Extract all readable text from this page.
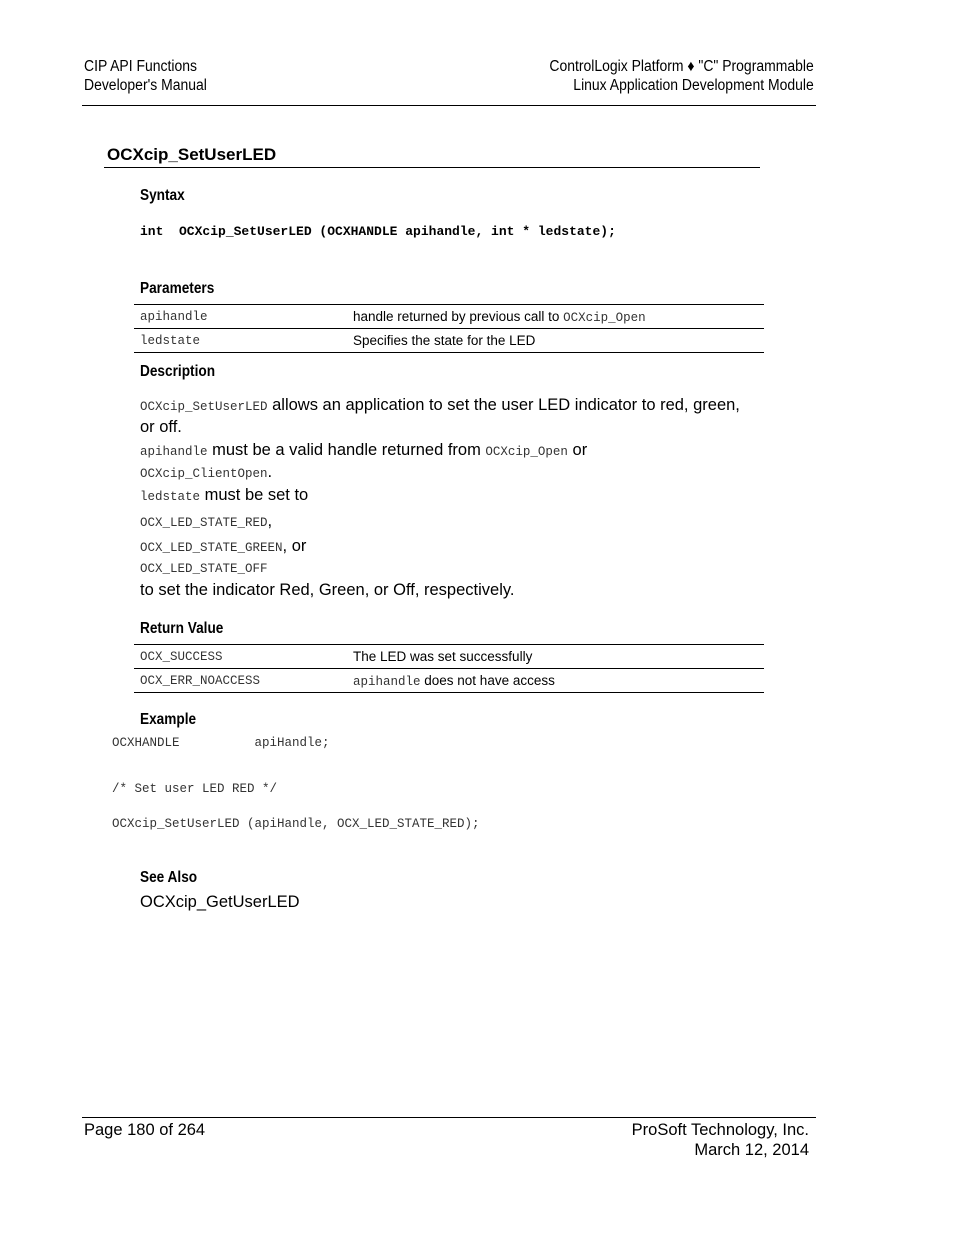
CIP API Functions
Developer's Manual
ControlLogix Platform ♦ "C" Programmable
Linux Application Development Module
OCXcip_SetUserLED
Syntax
int  OCXcip_SetUserLED (OCXHANDLE apihandle, int * ledstate);
Parameters
apihandle	handle returned by previous call to OCXcip_Open
ledstate	Specifies the state for the LED
Description
OCXcip_SetUserLED allows an application to set the user LED indicator to red, green, or off.
apihandle must be a valid handle returned from OCXcip_Open or
OCXcip_ClientOpen.
ledstate must be set to
OCX_LED_STATE_RED,
OCX_LED_STATE_GREEN, or
OCX_LED_STATE_OFF
to set the indicator Red, Green, or Off, respectively.
Return Value
OCX_SUCCESS	The LED was set successfully
OCX_ERR_NOACCESS	apihandle does not have access
Example
OCXHANDLE          apiHandle;
/* Set user LED RED */
OCXcip_SetUserLED (apiHandle, OCX_LED_STATE_RED);
See Also
OCXcip_GetUserLED
Page 180 of 264	ProSoft Technology, Inc.
March 12, 2014
